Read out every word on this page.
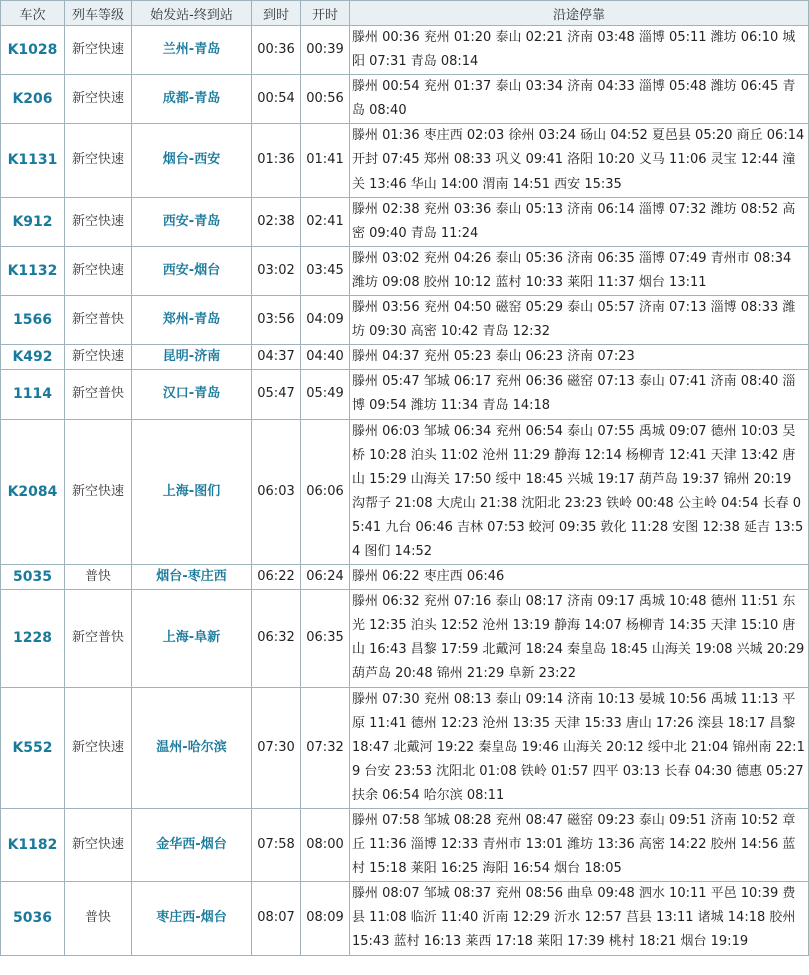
车次	列车等级	始发站-终到站	到时	开时	沿途停靠
K1028	新空快速	兰州-青岛	00:36	00:39	滕州 00:36 兖州 01:20 泰山 02:21 济南 03:48 淄博 05:11 潍坊 06:10 城阳 07:31 青岛 08:14
K206	新空快速	成都-青岛	00:54	00:56	滕州 00:54 兖州 01:37 泰山 03:34 济南 04:33 淄博 05:48 潍坊 06:45 青岛 08:40
K1131	新空快速	烟台-西安	01:36	01:41	滕州 01:36 枣庄西 02:03 徐州 03:24 砀山 04:52 夏邑县 05:20 商丘 06:14 开封 07:45 郑州 08:33 巩义 09:41 洛阳 10:20 义马 11:06 灵宝 12:44 潼关 13:46 华山 14:00 渭南 14:51 西安 15:35
K912	新空快速	西安-青岛	02:38	02:41	滕州 02:38 兖州 03:36 泰山 05:13 济南 06:14 淄博 07:32 潍坊 08:52 高密 09:40 青岛 11:24
K1132	新空快速	西安-烟台	03:02	03:45	滕州 03:02 兖州 04:26 泰山 05:36 济南 06:35 淄博 07:49 青州市 08:34 潍坊 09:08 胶州 10:12 蓝村 10:33 莱阳 11:37 烟台 13:11
1566	新空普快	郑州-青岛	03:56	04:09	滕州 03:56 兖州 04:50 磁窑 05:29 泰山 05:57 济南 07:13 淄博 08:33 潍坊 09:30 高密 10:42 青岛 12:32
K492	新空快速	昆明-济南	04:37	04:40	滕州 04:37 兖州 05:23 泰山 06:23 济南 07:23
1114	新空普快	汉口-青岛	05:47	05:49	滕州 05:47 邹城 06:17 兖州 06:36 磁窑 07:13 泰山 07:41 济南 08:40 淄博 09:54 潍坊 11:34 青岛 14:18
K2084	新空快速	上海-图们	06:03	06:06	滕州 06:03 邹城 06:34 兖州 06:54 泰山 07:55 禹城 09:07 德州 10:03 吴桥 10:28 泊头 11:02 沧州 11:29 静海 12:14 杨柳青 12:41 天津 13:42 唐山 15:29 山海关 17:50 绥中 18:45 兴城 19:17 葫芦岛 19:37 锦州 20:19 沟帮子 21:08 大虎山 21:38 沈阳北 23:23 铁岭 00:48 公主岭 04:54 长春 05:41 九台 06:46 吉林 07:53 蛟河 09:35 敦化 11:28 安图 12:38 延吉 13:54 图们 14:52
5035	普快	烟台-枣庄西	06:22	06:24	滕州 06:22 枣庄西 06:46
1228	新空普快	上海-阜新	06:32	06:35	滕州 06:32 兖州 07:16 泰山 08:17 济南 09:17 禹城 10:48 德州 11:51 东光 12:35 泊头 12:52 沧州 13:19 静海 14:07 杨柳青 14:35 天津 15:10 唐山 16:43 昌黎 17:59 北戴河 18:24 秦皇岛 18:45 山海关 19:08 兴城 20:29 葫芦岛 20:48 锦州 21:29 阜新 23:22
K552	新空快速	温州-哈尔滨	07:30	07:32	滕州 07:30 兖州 08:13 泰山 09:14 济南 10:13 晏城 10:56 禹城 11:13 平原 11:41 德州 12:23 沧州 13:35 天津 15:33 唐山 17:26 滦县 18:17 昌黎 18:47 北戴河 19:22 秦皇岛 19:46 山海关 20:12 绥中北 21:04 锦州南 22:19 台安 23:53 沈阳北 01:08 铁岭 01:57 四平 03:13 长春 04:30 德惠 05:27 扶余 06:54 哈尔滨 08:11
K1182	新空快速	金华西-烟台	07:58	08:00	滕州 07:58 邹城 08:28 兖州 08:47 磁窑 09:23 泰山 09:51 济南 10:52 章丘 11:36 淄博 12:33 青州市 13:01 潍坊 13:36 高密 14:22 胶州 14:56 蓝村 15:18 莱阳 16:25 海阳 16:54 烟台 18:05
5036	普快	枣庄西-烟台	08:07	08:09	滕州 08:07 邹城 08:37 兖州 08:56 曲阜 09:48 泗水 10:11 平邑 10:39 费县 11:08 临沂 11:40 沂南 12:29 沂水 12:57 莒县 13:11 诸城 14:18 胶州 15:43 蓝村 16:13 莱西 17:18 莱阳 17:39 桃村 18:21 烟台 19:19
